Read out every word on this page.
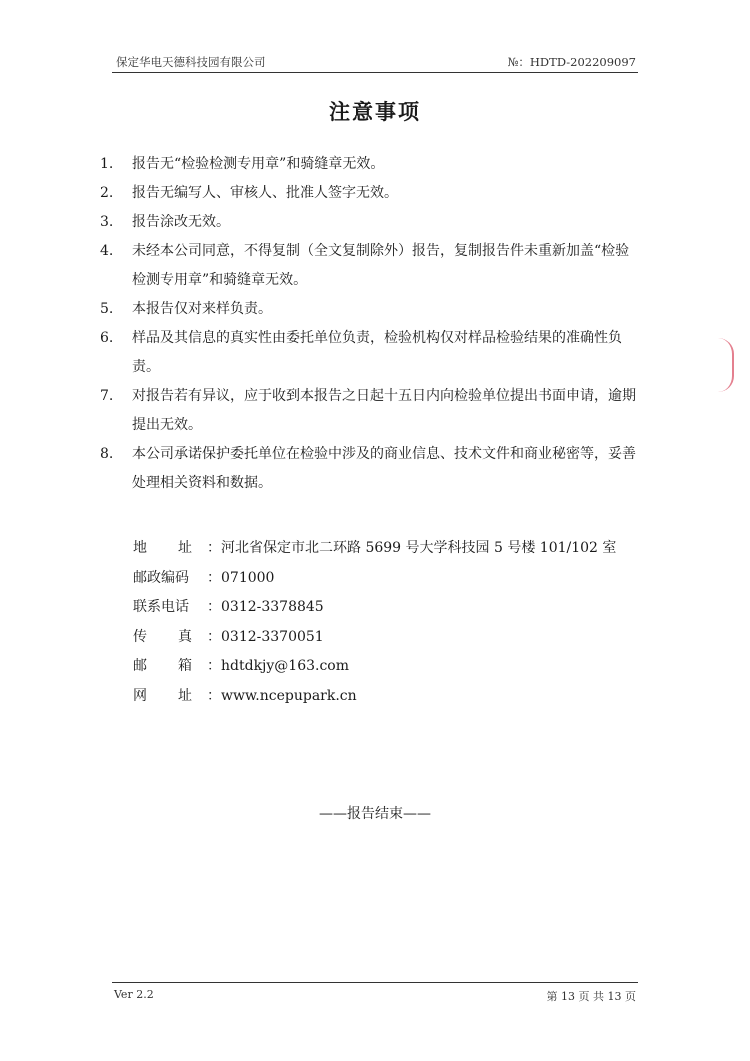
保定华电天德科技园有限公司	№：HDTD-202209097
注意事项
1. 报告无“检验检测专用章”和骑缝章无效。
2. 报告无编写人、审核人、批准人签字无效。
3. 报告涂改无效。
4. 未经本公司同意，不得复制（全文复制除外）报告，复制报告件未重新加盖“检验检测专用章”和骑缝章无效。
5. 本报告仅对来样负责。
6. 样品及其信息的真实性由委托单位负责，检验机构仅对样品检验结果的准确性负责。
7. 对报告若有异议，应于收到本报告之日起十五日内向检验单位提出书面申请，逾期提出无效。
8. 本公司承诺保护委托单位在检验中涉及的商业信息、技术文件和商业秘密等，妥善处理相关资料和数据。
地址：河北省保定市北二环路 5699 号大学科技园 5 号楼 101/102 室
邮政编码 ：071000
联系电话 ：0312-3378845
传真：0312-3370051
邮箱：hdtdkjy@163.com
网址：www.ncepupark.cn
——报告结束——
Ver 2.2	第 13 页 共 13 页
